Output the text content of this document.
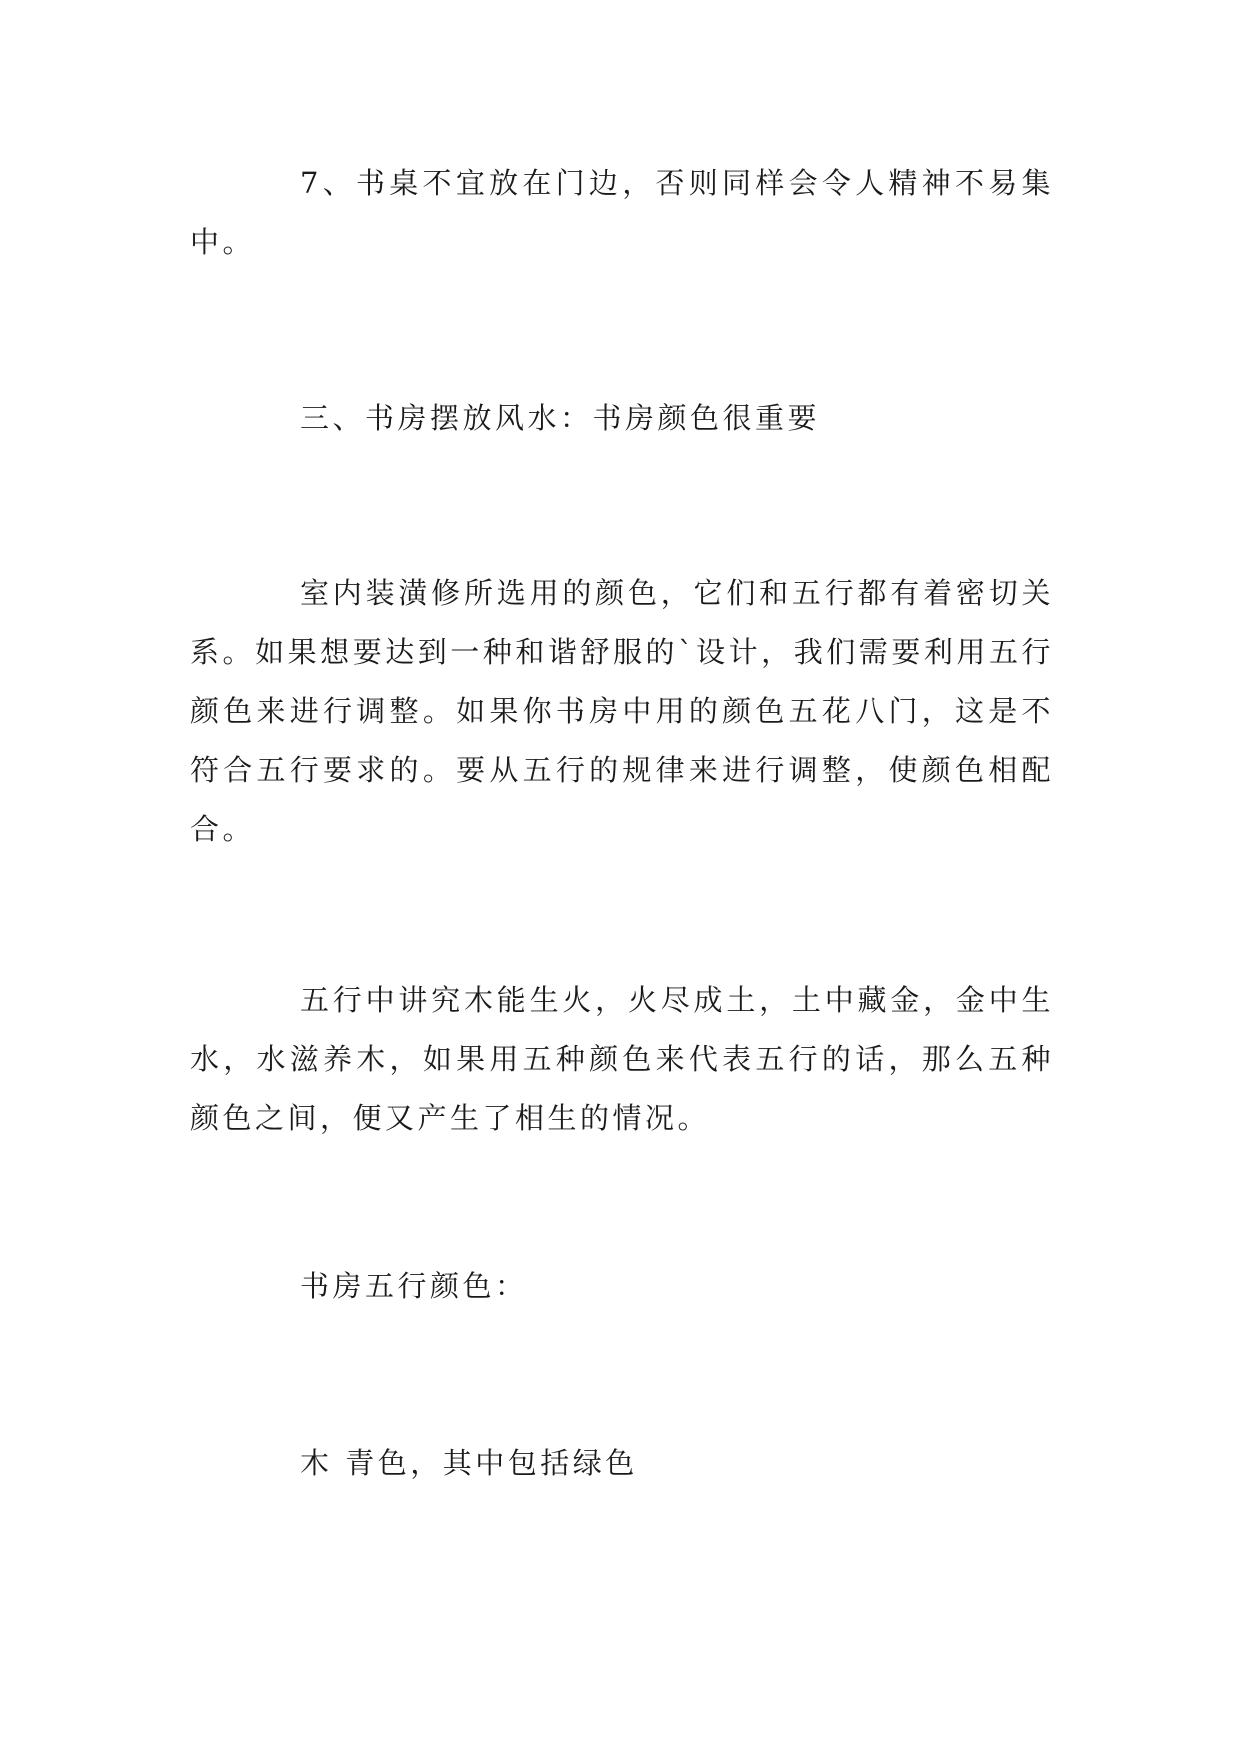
7、书桌不宜放在门边，否则同样会令人精神不易集中。

三、书房摆放风水：书房颜色很重要

室内装潢修所选用的颜色，它们和五行都有着密切关系。如果想要达到一种和谐舒服的`设计，我们需要利用五行颜色来进行调整。如果你书房中用的颜色五花八门，这是不符合五行要求的。要从五行的规律来进行调整，使颜色相配合。

五行中讲究木能生火，火尽成土，土中藏金，金中生水，水滋养木，如果用五种颜色来代表五行的话，那么五种颜色之间，便又产生了相生的情况。

书房五行颜色：

木 青色，其中包括绿色
